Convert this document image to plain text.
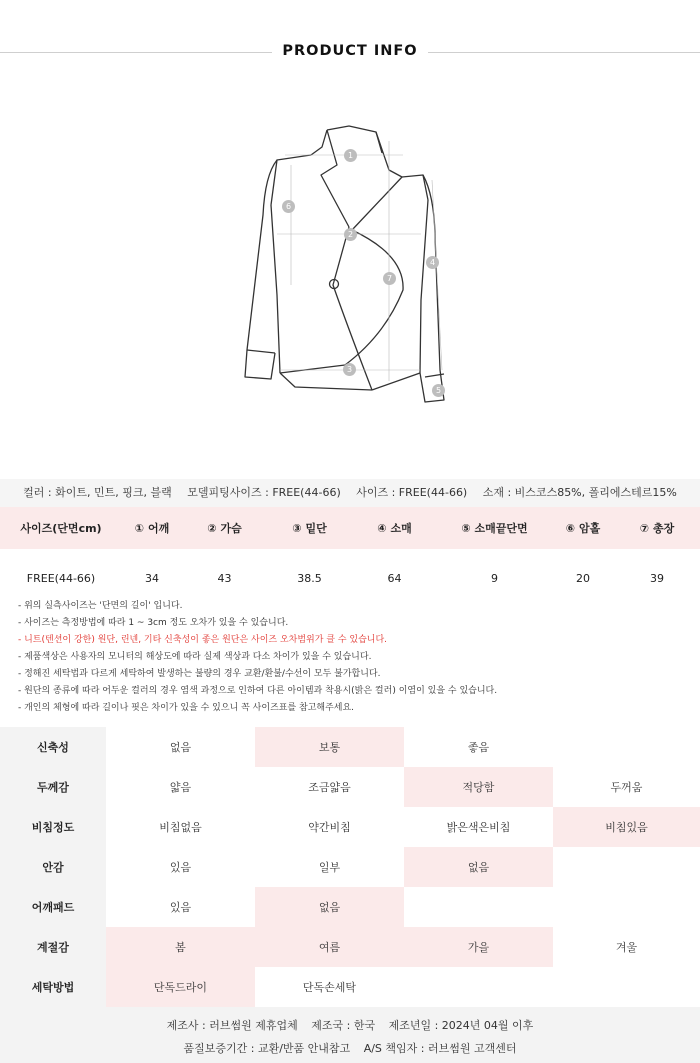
PRODUCT INFO
1
2
3
4
5
6
7
컬러 : 화이트, 민트, 핑크, 블랙 모델피팅사이즈 : FREE(44-66) 사이즈 : FREE(44-66) 소재 : 비스코스85%, 폴리에스테르15%
사이즈(단면cm)	① 어깨	② 가슴	③ 밑단	④ 소매	⑤ 소매끝단면	⑥ 암홀	⑦ 총장
FREE(44-66)	34	43	38.5	64	9	20	39
- 위의 실측사이즈는 '단면의 길이' 입니다.
- 사이즈는 측정방법에 따라 1 ~ 3cm 정도 오차가 있을 수 있습니다.
- 니트(텐션이 강한) 원단, 린넨, 기타 신축성이 좋은 원단은 사이즈 오차범위가 클 수 있습니다.
- 제품색상은 사용자의 모니터의 해상도에 따라 실제 색상과 다소 차이가 있을 수 있습니다.
- 정해진 세탁법과 다르게 세탁하여 발생하는 불량의 경우 교환/환불/수선이 모두 불가합니다.
- 원단의 종류에 따라 어두운 컬러의 경우 염색 과정으로 인하여 다른 아이템과 착용시(밝은 컬러) 이염이 있을 수 있습니다.
- 개인의 체형에 따라 길이나 핏은 차이가 있을 수 있으니 꼭 사이즈표를 참고해주세요.
신축성	없음	보통	좋음
두께감	얇음	조금얇음	적당함	두꺼움
비침정도	비침없음	약간비침	밝은색은비침	비침있음
안감	있음	일부	없음
어깨패드	있음	없음
계절감	봄	여름	가을	겨울
세탁방법	단독드라이	단독손세탁
제조사 : 러브썸원 제휴업체 제조국 : 한국 제조년일 : 2024년 04월 이후
품질보증기간 : 교환/반품 안내참고 A/S 책임자 : 러브썸원 고객센터
